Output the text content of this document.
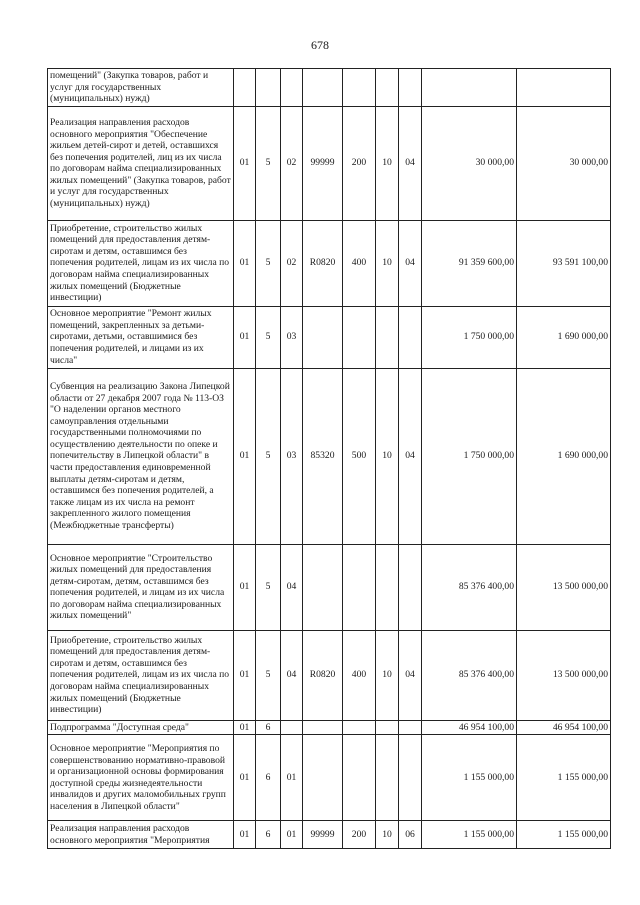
678
помещений" (Закупка товаров, работ и услуг для государственных (муниципальных) нужд)									
Реализация направления расходов основного мероприятия "Обеспечение жильем детей-сирот и детей, оставшихся без попечения родителей, лиц из их числа по договорам найма специализированных жилых помещений" (Закупка товаров, работ и услуг для государственных (муниципальных) нужд)	01	5	02	99999	200	10	04	30 000,00	30 000,00
Приобретение, строительство жилых помещений для предоставления детям-сиротам и детям, оставшимся без попечения родителей, лицам из их числа по договорам найма специализированных жилых помещений (Бюджетные инвестиции)	01	5	02	R0820	400	10	04	91 359 600,00	93 591 100,00
Основное мероприятие "Ремонт жилых помещений, закрепленных за детьми-сиротами, детьми, оставшимися без попечения родителей, и лицами из их числа"	01	5	03					1 750 000,00	1 690 000,00
Субвенция на реализацию Закона Липецкой области от 27 декабря 2007 года № 113-ОЗ "О наделении органов местного самоуправления отдельными государственными полномочиями по осуществлению деятельности по опеке и попечительству в Липецкой области" в части предоставления единовременной выплаты детям-сиротам и детям, оставшимся без попечения родителей, а также лицам из их числа на ремонт закрепленного жилого помещения (Межбюджетные трансферты)	01	5	03	85320	500	10	04	1 750 000,00	1 690 000,00
Основное мероприятие "Строительство жилых помещений для предоставления детям-сиротам, детям, оставшимся без попечения родителей, и лицам из их числа по договорам найма специализированных жилых помещений"	01	5	04					85 376 400,00	13 500 000,00
Приобретение, строительство жилых помещений для предоставления детям-сиротам и детям, оставшимся без попечения родителей, лицам из их числа по договорам найма специализированных жилых помещений (Бюджетные инвестиции)	01	5	04	R0820	400	10	04	85 376 400,00	13 500 000,00
Подпрограмма "Доступная среда"	01	6						46 954 100,00	46 954 100,00
Основное мероприятие "Мероприятия по совершенствованию нормативно-правовой и организационной основы формирования доступной среды жизнедеятельности инвалидов и других маломобильных групп населения в Липецкой области"	01	6	01					1 155 000,00	1 155 000,00
Реализация направления расходов основного мероприятия "Мероприятия	01	6	01	99999	200	10	06	1 155 000,00	1 155 000,00
